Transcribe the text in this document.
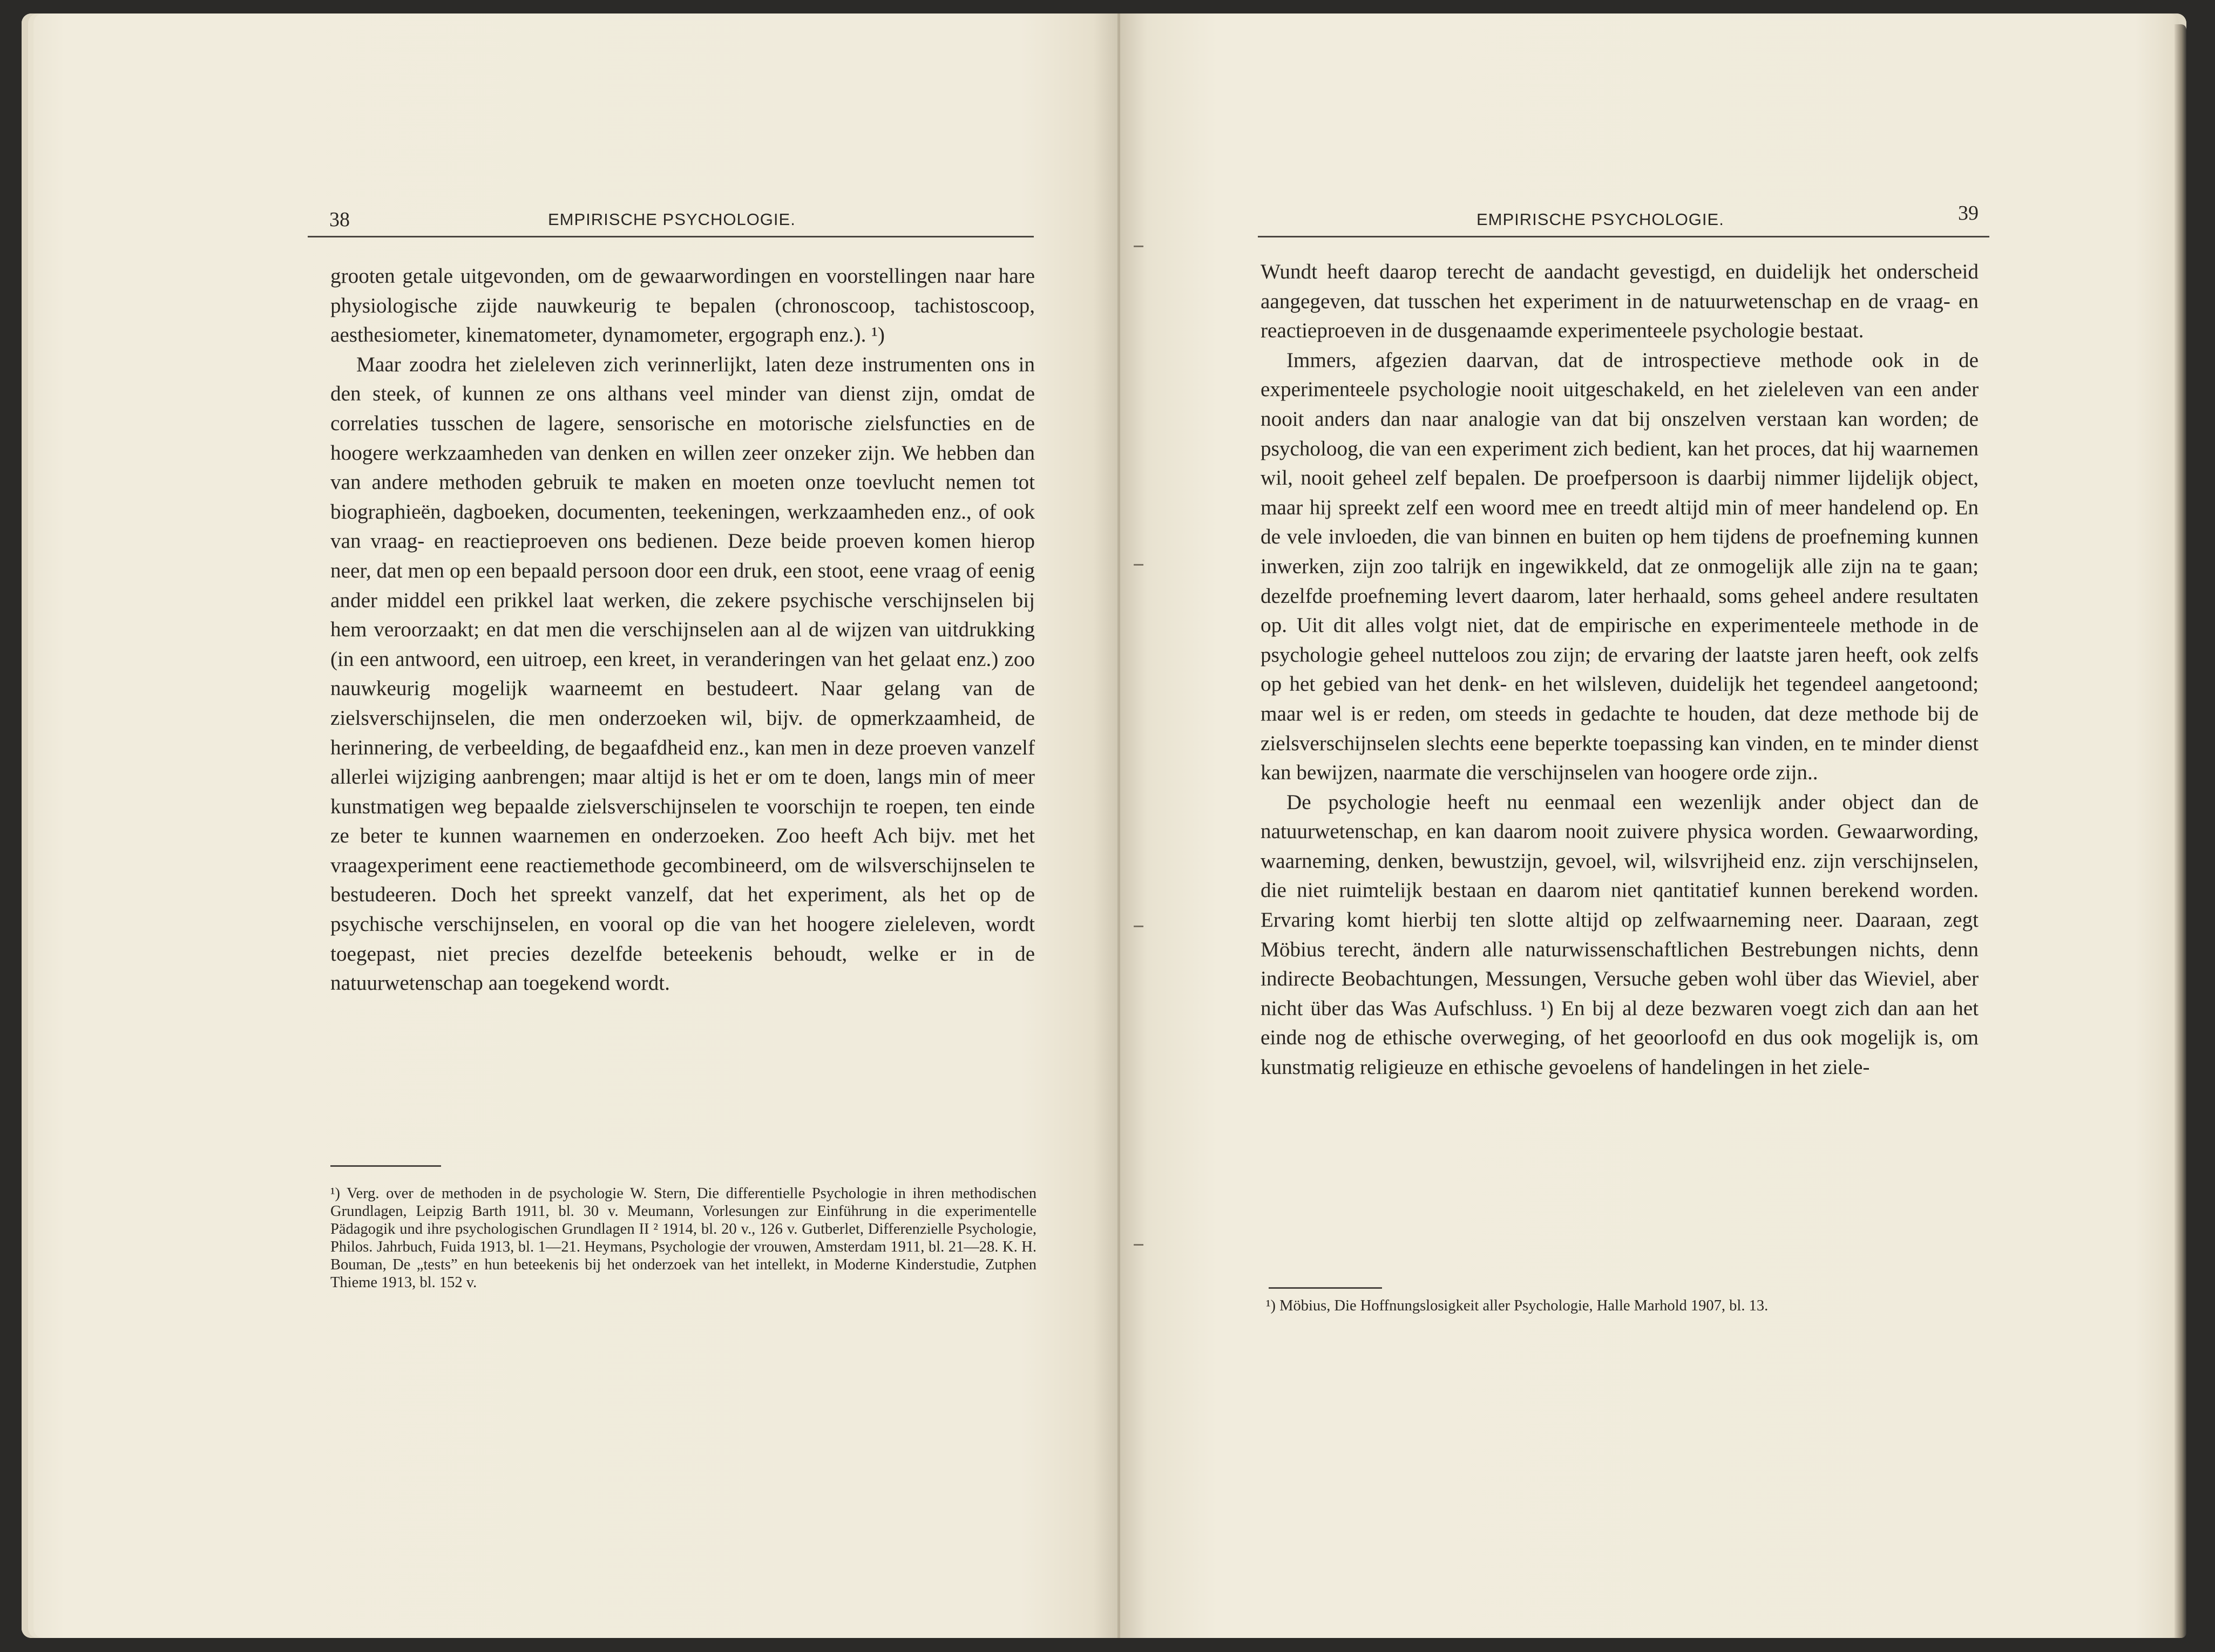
38	EMPIRISCHE PSYCHOLOGIE.

grooten getale uitgevonden, om de gewaarwordingen en voorstellingen naar hare physiologische zijde nauwkeurig te bepalen (chronoscoop, tachistoscoop, aesthesiometer, kinematometer, dynamometer, ergograph enz.). ¹)

Maar zoodra het zieleleven zich verinnerlijkt, laten deze instrumenten ons in den steek, of kunnen ze ons althans veel minder van dienst zijn, omdat de correlaties tusschen de lagere, sensorische en motorische zielsfuncties en de hoogere werkzaamheden van denken en willen zeer onzeker zijn. We hebben dan van andere methoden gebruik te maken en moeten onze toevlucht nemen tot biographieën, dagboeken, documenten, teekeningen, werkzaamheden enz., of ook van vraag- en reactieproeven ons bedienen. Deze beide proeven komen hierop neer, dat men op een bepaald persoon door een druk, een stoot, eene vraag of eenig ander middel een prikkel laat werken, die zekere psychische verschijnselen bij hem veroorzaakt; en dat men die verschijnselen aan al de wijzen van uitdrukking (in een antwoord, een uitroep, een kreet, in veranderingen van het gelaat enz.) zoo nauwkeurig mogelijk waarneemt en bestudeert. Naar gelang van de zielsverschijnselen, die men onderzoeken wil, bijv. de opmerkzaamheid, de herinnering, de verbeelding, de begaafdheid enz., kan men in deze proeven vanzelf allerlei wijziging aanbrengen; maar altijd is het er om te doen, langs min of meer kunstmatigen weg bepaalde zielsverschijnselen te voorschijn te roepen, ten einde ze beter te kunnen waarnemen en onderzoeken. Zoo heeft Ach bijv. met het vraagexperiment eene reactiemethode gecombineerd, om de wilsverschijnselen te bestudeeren. Doch het spreekt vanzelf, dat het experiment, als het op de psychische verschijnselen, en vooral op die van het hoogere zieleleven, wordt toegepast, niet precies dezelfde beteekenis behoudt, welke er in de natuurwetenschap aan toegekend wordt.

¹) Verg. over de methoden in de psychologie W. Stern, Die differentielle Psychologie in ihren methodischen Grundlagen, Leipzig Barth 1911, bl. 30 v. Meumann, Vorlesungen zur Einführung in die experimentelle Pädagogik und ihre psychologischen Grundlagen II ² 1914, bl. 20 v., 126 v. Gutberlet, Differenzielle Psychologie, Philos. Jahrbuch, Fuida 1913, bl. 1—21. Heymans, Psychologie der vrouwen, Amsterdam 1911, bl. 21—28. K. H. Bouman, De „tests” en hun beteekenis bij het onderzoek van het intellekt, in Moderne Kinderstudie, Zutphen Thieme 1913, bl. 152 v.
EMPIRISCHE PSYCHOLOGIE.	39

Wundt heeft daarop terecht de aandacht gevestigd, en duidelijk het onderscheid aangegeven, dat tusschen het experiment in de natuurwetenschap en de vraag- en reactieproeven in de dusgenaamde experimenteele psychologie bestaat.

Immers, afgezien daarvan, dat de introspectieve methode ook in de experimenteele psychologie nooit uitgeschakeld, en het zieleleven van een ander nooit anders dan naar analogie van dat bij onszelven verstaan kan worden; de psycholoog, die van een experiment zich bedient, kan het proces, dat hij waarnemen wil, nooit geheel zelf bepalen. De proefpersoon is daarbij nimmer lijdelijk object, maar hij spreekt zelf een woord mee en treedt altijd min of meer handelend op. En de vele invloeden, die van binnen en buiten op hem tijdens de proefneming kunnen inwerken, zijn zoo talrijk en ingewikkeld, dat ze onmogelijk alle zijn na te gaan; dezelfde proefneming levert daarom, later herhaald, soms geheel andere resultaten op. Uit dit alles volgt niet, dat de empirische en experimenteele methode in de psychologie geheel nutteloos zou zijn; de ervaring der laatste jaren heeft, ook zelfs op het gebied van het denk- en het wilsleven, duidelijk het tegendeel aangetoond; maar wel is er reden, om steeds in gedachte te houden, dat deze methode bij de zielsverschijnselen slechts eene beperkte toepassing kan vinden, en te minder dienst kan bewijzen, naarmate die verschijnselen van hoogere orde zijn..

De psychologie heeft nu eenmaal een wezenlijk ander object dan de natuurwetenschap, en kan daarom nooit zuivere physica worden. Gewaarwording, waarneming, denken, bewustzijn, gevoel, wil, wilsvrijheid enz. zijn verschijnselen, die niet ruimtelijk bestaan en daarom niet qantitatief kunnen berekend worden. Ervaring komt hierbij ten slotte altijd op zelfwaarneming neer. Daaraan, zegt Möbius terecht, ändern alle naturwissenschaftlichen Bestrebungen nichts, denn indirecte Beobachtungen, Messungen, Versuche geben wohl über das Wieviel, aber nicht über das Was Aufschluss. ¹) En bij al deze bezwaren voegt zich dan aan het einde nog de ethische overweging, of het geoorloofd en dus ook mogelijk is, om kunstmatig religieuze en ethische gevoelens of handelingen in het ziele-

¹) Möbius, Die Hoffnungslosigkeit aller Psychologie, Halle Marhold 1907, bl. 13.
